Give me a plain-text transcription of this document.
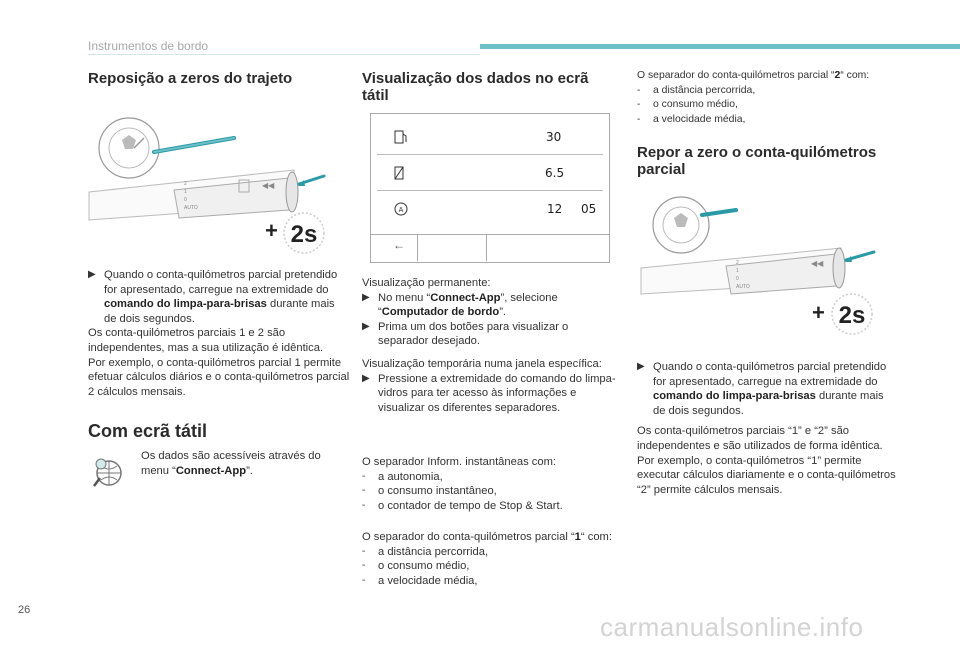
Instrumentos de bordo
Reposição a zeros do trajeto
2
1
0
AUTO
◀◀
+ 2s
▶ Quando o conta-quilómetros parcial pretendido for apresentado, carregue na extremidade do comando do limpa-para-brisas durante mais de dois segundos.

Os conta-quilómetros parciais 1 e 2 são independentes, mas a sua utilização é idêntica.

Por exemplo, o conta-quilómetros parcial 1 permite efetuar cálculos diários e o conta-quilómetros parcial 2 cálculos mensais.

Com ecrã tátil
Os dados são acessíveis através do menu “Connect-App”.
Visualização dos dados no ecrã tátil
30
6.5
A	12 05
←

Visualização permanente:

▶ No menu “Connect-App”, selecione “Computador de bordo”.
▶ Prima um dos botões para visualizar o separador desejado.

Visualização temporária numa janela específica:

▶ Pressione a extremidade do comando do limpa-vidros para ter acesso às informações e visualizar os diferentes separadores.

O separador Inform. instantâneas com:

-	a autonomia,
-	o consumo instantâneo,
-	o contador de tempo de Stop & Start.

O separador do conta-quilómetros parcial “1“ com:

-	a distância percorrida,
-	o consumo médio,
-	a velocidade média,

O separador do conta-quilómetros parcial “2“ com:

-	a distância percorrida,
-	o consumo médio,
-	a velocidade média,
Repor a zero o conta-quilómetros parcial
2
1
0
AUTO
◀◀
+ 2s
▶ Quando o conta-quilómetros parcial pretendido for apresentado, carregue na extremidade do comando do limpa-para-brisas durante mais de dois segundos.

Os conta-quilómetros parciais “1” e “2” são independentes e são utilizados de forma idêntica.

Por exemplo, o conta-quilómetros “1” permite executar cálculos diariamente e o conta-quilómetros “2” permite cálculos mensais.

26
carmanualsonline.info
